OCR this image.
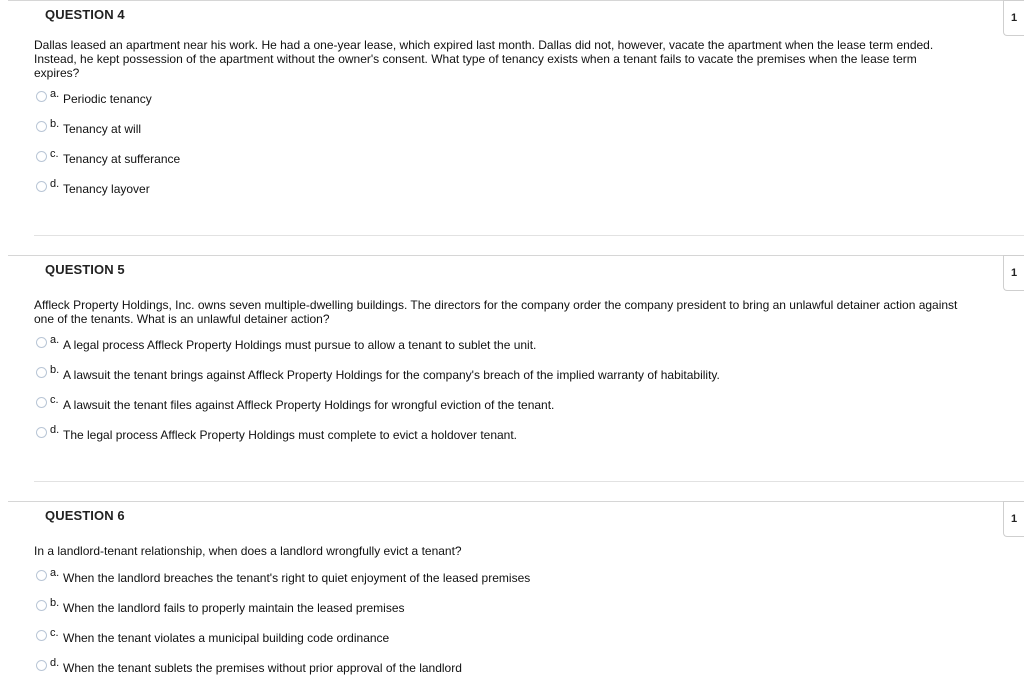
QUESTION 4	1
Dallas leased an apartment near his work. He had a one-year lease, which expired last month. Dallas did not, however, vacate the apartment when the lease term ended. Instead, he kept possession of the apartment without the owner's consent. What type of tenancy exists when a tenant fails to vacate the premises when the lease term expires?
a. Periodic tenancy
b. Tenancy at will
c. Tenancy at sufferance
d. Tenancy layover
QUESTION 5	1
Affleck Property Holdings, Inc. owns seven multiple-dwelling buildings. The directors for the company order the company president to bring an unlawful detainer action against one of the tenants. What is an unlawful detainer action?
a. A legal process Affleck Property Holdings must pursue to allow a tenant to sublet the unit.
b. A lawsuit the tenant brings against Affleck Property Holdings for the company's breach of the implied warranty of habitability.
c. A lawsuit the tenant files against Affleck Property Holdings for wrongful eviction of the tenant.
d. The legal process Affleck Property Holdings must complete to evict a holdover tenant.
QUESTION 6	1
In a landlord-tenant relationship, when does a landlord wrongfully evict a tenant?
a. When the landlord breaches the tenant's right to quiet enjoyment of the leased premises
b. When the landlord fails to properly maintain the leased premises
c. When the tenant violates a municipal building code ordinance
d. When the tenant sublets the premises without prior approval of the landlord
